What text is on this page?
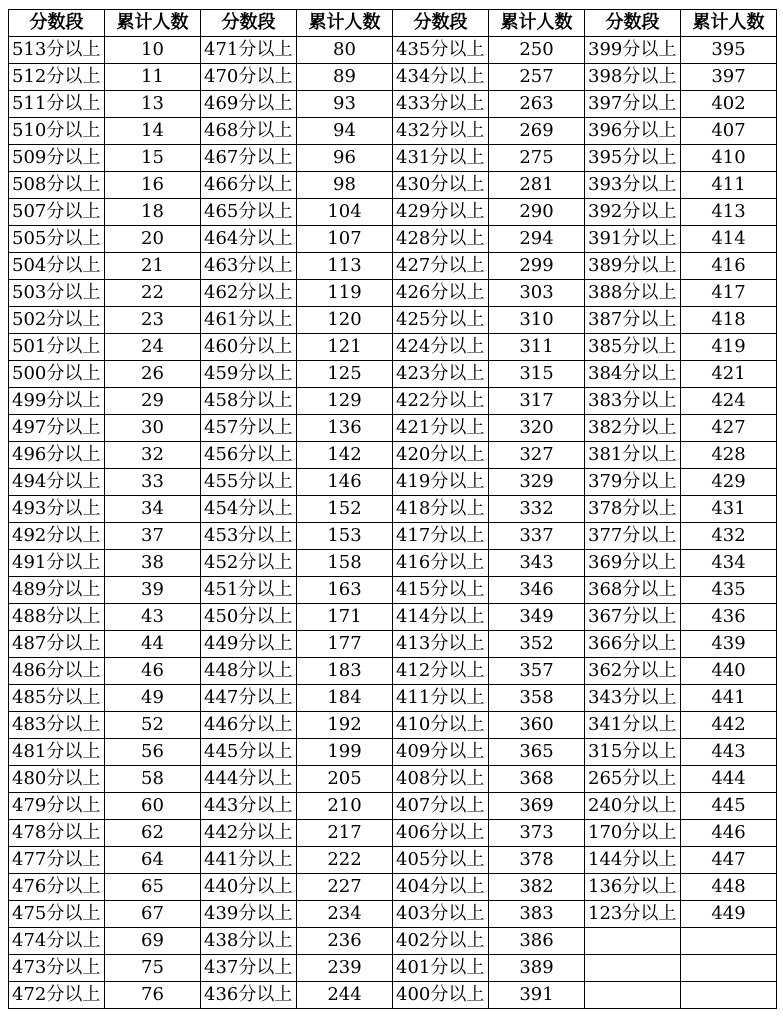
分数段	累计人数	分数段	累计人数	分数段	累计人数	分数段	累计人数
513分以上	10	471分以上	80	435分以上	250	399分以上	395
512分以上	11	470分以上	89	434分以上	257	398分以上	397
511分以上	13	469分以上	93	433分以上	263	397分以上	402
510分以上	14	468分以上	94	432分以上	269	396分以上	407
509分以上	15	467分以上	96	431分以上	275	395分以上	410
508分以上	16	466分以上	98	430分以上	281	393分以上	411
507分以上	18	465分以上	104	429分以上	290	392分以上	413
505分以上	20	464分以上	107	428分以上	294	391分以上	414
504分以上	21	463分以上	113	427分以上	299	389分以上	416
503分以上	22	462分以上	119	426分以上	303	388分以上	417
502分以上	23	461分以上	120	425分以上	310	387分以上	418
501分以上	24	460分以上	121	424分以上	311	385分以上	419
500分以上	26	459分以上	125	423分以上	315	384分以上	421
499分以上	29	458分以上	129	422分以上	317	383分以上	424
497分以上	30	457分以上	136	421分以上	320	382分以上	427
496分以上	32	456分以上	142	420分以上	327	381分以上	428
494分以上	33	455分以上	146	419分以上	329	379分以上	429
493分以上	34	454分以上	152	418分以上	332	378分以上	431
492分以上	37	453分以上	153	417分以上	337	377分以上	432
491分以上	38	452分以上	158	416分以上	343	369分以上	434
489分以上	39	451分以上	163	415分以上	346	368分以上	435
488分以上	43	450分以上	171	414分以上	349	367分以上	436
487分以上	44	449分以上	177	413分以上	352	366分以上	439
486分以上	46	448分以上	183	412分以上	357	362分以上	440
485分以上	49	447分以上	184	411分以上	358	343分以上	441
483分以上	52	446分以上	192	410分以上	360	341分以上	442
481分以上	56	445分以上	199	409分以上	365	315分以上	443
480分以上	58	444分以上	205	408分以上	368	265分以上	444
479分以上	60	443分以上	210	407分以上	369	240分以上	445
478分以上	62	442分以上	217	406分以上	373	170分以上	446
477分以上	64	441分以上	222	405分以上	378	144分以上	447
476分以上	65	440分以上	227	404分以上	382	136分以上	448
475分以上	67	439分以上	234	403分以上	383	123分以上	449
474分以上	69	438分以上	236	402分以上	386		
473分以上	75	437分以上	239	401分以上	389		
472分以上	76	436分以上	244	400分以上	391		
